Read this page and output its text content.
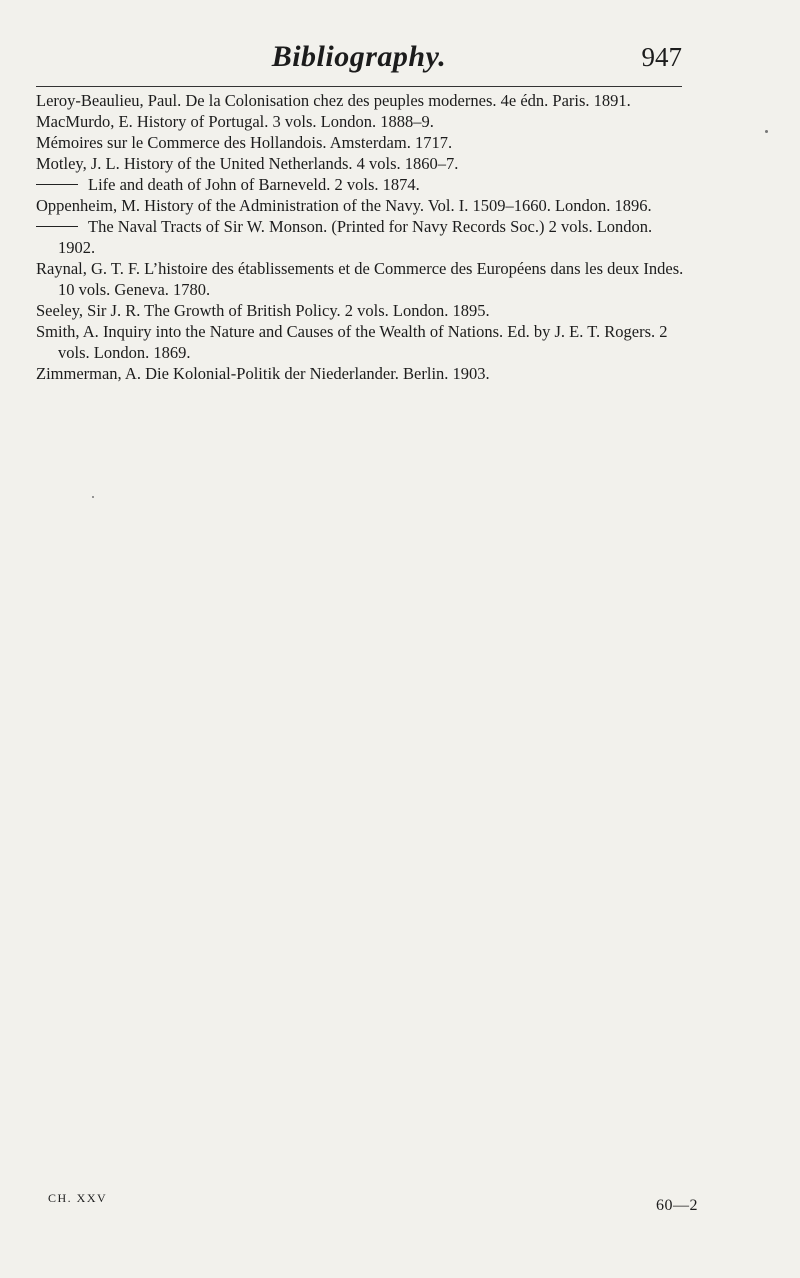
Bibliography.	947
Leroy-Beaulieu, Paul. De la Colonisation chez des peuples modernes. 4e édn. Paris. 1891.
MacMurdo, E. History of Portugal. 3 vols. London. 1888–9.
Mémoires sur le Commerce des Hollandois. Amsterdam. 1717.
Motley, J. L. History of the United Netherlands. 4 vols. 1860–7.
Life and death of John of Barneveld. 2 vols. 1874.
Oppenheim, M. History of the Administration of the Navy. Vol. I. 1509–1660. London. 1896.
The Naval Tracts of Sir W. Monson. (Printed for Navy Records Soc.) 2 vols. London. 1902.
Raynal, G. T. F. L’histoire des établissements et de Commerce des Européens dans les deux Indes. 10 vols. Geneva. 1780.
Seeley, Sir J. R. The Growth of British Policy. 2 vols. London. 1895.
Smith, A. Inquiry into the Nature and Causes of the Wealth of Nations. Ed. by J. E. T. Rogers. 2 vols. London. 1869.
Zimmerman, A. Die Kolonial-Politik der Niederlander. Berlin. 1903.
CH. XXV	60—2
